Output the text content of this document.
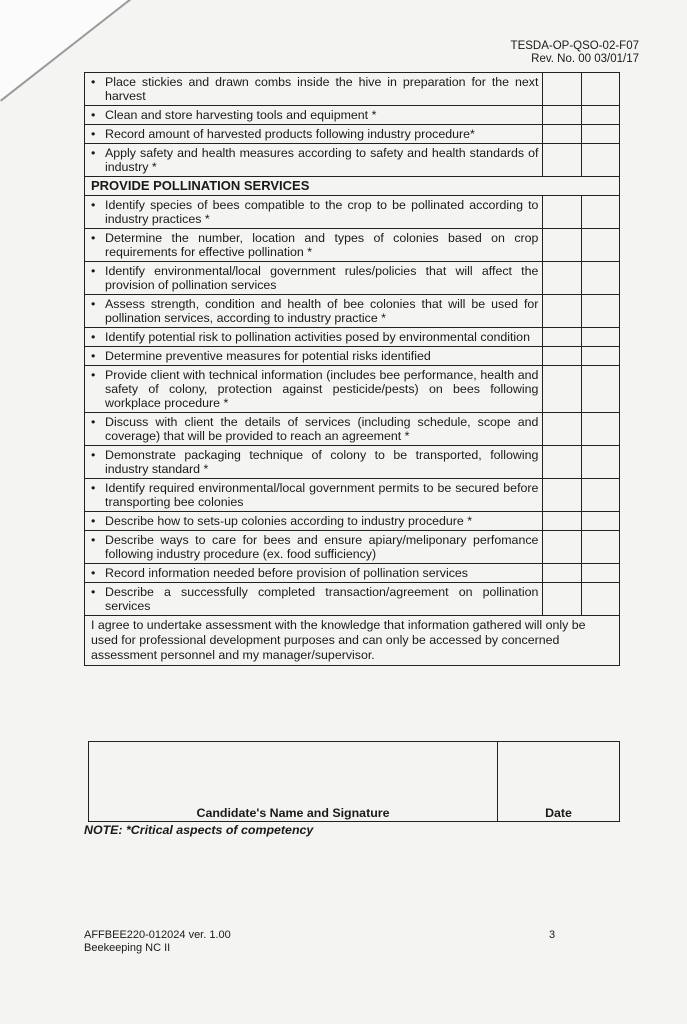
TESDA-OP-QSO-02-F07
Rev. No. 00 03/01/17
• Place stickies and drawn combs inside the hive in preparation for the next harvest		

• Clean and store harvesting tools and equipment *		

• Record amount of harvested products following industry procedure*		

• Apply safety and health measures according to safety and health standards of industry *		

PROVIDE POLLINATION SERVICES		

• Identify species of bees compatible to the crop to be pollinated according to industry practices *		

• Determine the number, location and types of colonies based on crop requirements for effective pollination *		

• Identify environmental/local government rules/policies that will affect the provision of pollination services		

• Assess strength, condition and health of bee colonies that will be used for pollination services, according to industry practice *		

• Identify potential risk to pollination activities posed by environmental condition		

• Determine preventive measures for potential risks identified		

• Provide client with technical information (includes bee performance, health and safety of colony, protection against pesticide/pests) on bees following workplace procedure *		

• Discuss with client the details of services (including schedule, scope and coverage) that will be provided to reach an agreement *		

• Demonstrate packaging technique of colony to be transported, following industry standard *		

• Identify required environmental/local government permits to be secured before transporting bee colonies		

• Describe how to sets-up colonies according to industry procedure *		

• Describe ways to care for bees and ensure apiary/meliponary perfomance following industry procedure (ex. food sufficiency)		

• Record information needed before provision of pollination services		

• Describe a successfully completed transaction/agreement on pollination services		

I agree to undertake assessment with the knowledge that information gathered will only be used for professional development purposes and can only be accessed by concerned assessment personnel and my manager/supervisor.		
Candidate's Name and Signature	Date
NOTE: *Critical aspects of competency
AFFBEE220-012024 ver. 1.00
Beekeeping NC II
3
